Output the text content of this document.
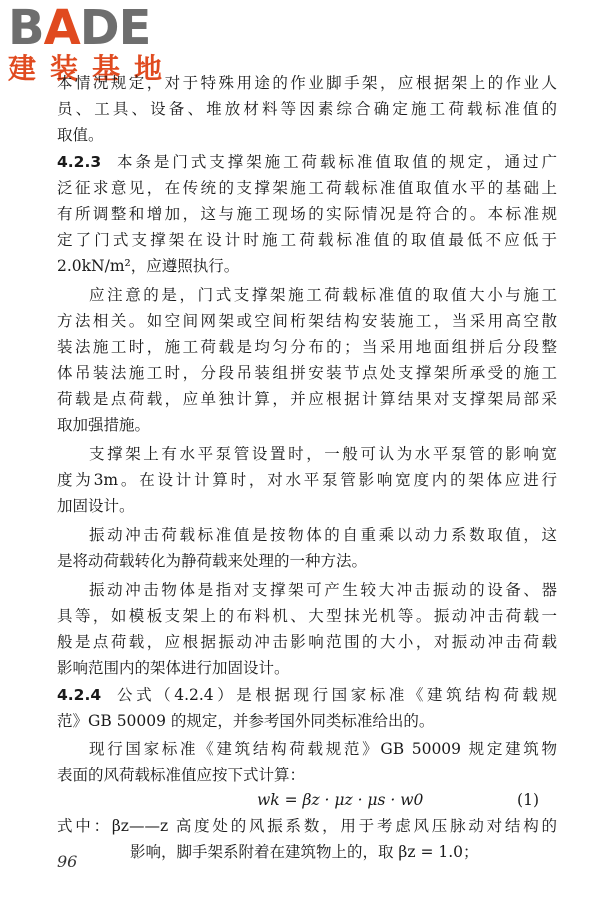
BADE
建装基地
本情况规定，对于特殊用途的作业脚手架，应根据架上的作业人
员、工具、设备、堆放材料等因素综合确定施工荷载标准值的
取值。
4.2.3	本条是门式支撑架施工荷载标准值取值的规定，通过广
泛征求意见，在传统的支撑架施工荷载标准值取值水平的基础上
有所调整和增加，这与施工现场的实际情况是符合的。本标准规
定了门式支撑架在设计时施工荷载标准值的取值最低不应低于
2.0kN/m²，应遵照执行。
应注意的是，门式支撑架施工荷载标准值的取值大小与施工
方法相关。如空间网架或空间桁架结构安装施工，当采用高空散
装法施工时，施工荷载是均匀分布的；当采用地面组拼后分段整
体吊装法施工时，分段吊装组拼安装节点处支撑架所承受的施工
荷载是点荷载，应单独计算，并应根据计算结果对支撑架局部采
取加强措施。
支撑架上有水平泵管设置时，一般可认为水平泵管的影响宽
度为3m。在设计计算时，对水平泵管影响宽度内的架体应进行
加固设计。
振动冲击荷载标准值是按物体的自重乘以动力系数取值，这
是将动荷载转化为静荷载来处理的一种方法。
振动冲击物体是指对支撑架可产生较大冲击振动的设备、器
具等，如模板支架上的布料机、大型抹光机等。振动冲击荷载一
般是点荷载，应根据振动冲击影响范围的大小，对振动冲击荷载
影响范围内的架体进行加固设计。
4.2.4	公式（4.2.4）是根据现行国家标准《建筑结构荷载规
范》GB 50009 的规定，并参考国外同类标准给出的。
现行国家标准《建筑结构荷载规范》GB 50009 规定建筑物
表面的风荷载标准值应按下式计算：
wk = βz · μz · μs · w0	(1)
式中：βz——z 高度处的风振系数，用于考虑风压脉动对结构的
影响，脚手架系附着在建筑物上的，取 βz = 1.0；
96
